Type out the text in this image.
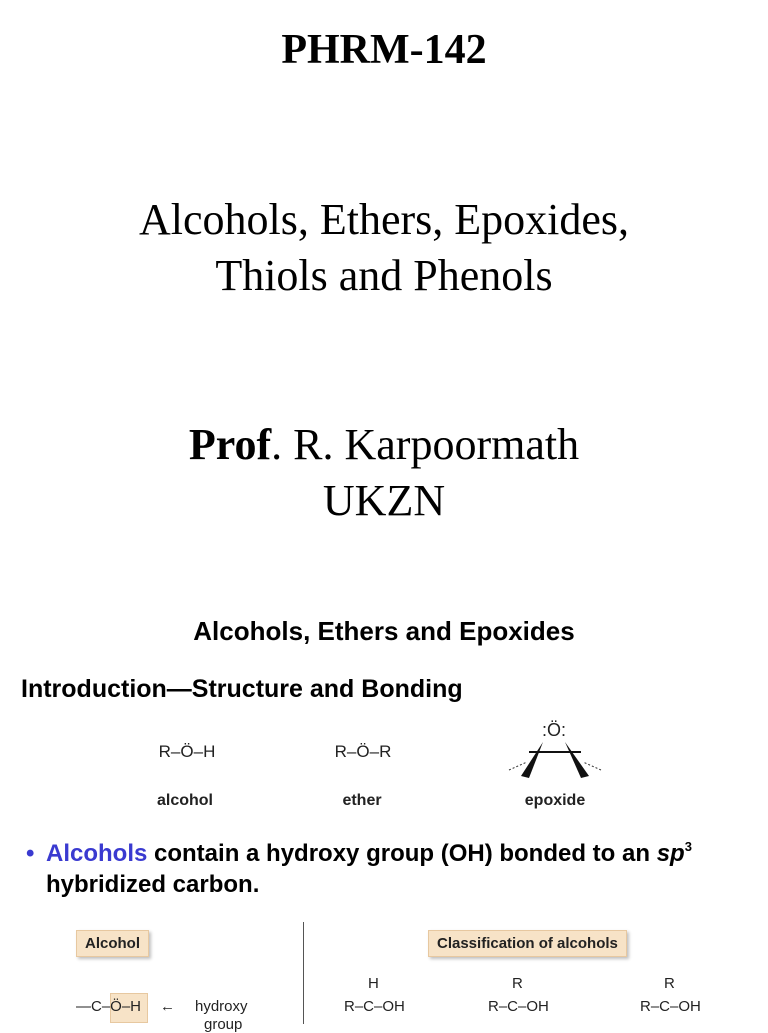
PHRM-142
Alcohols, Ethers, Epoxides,
Thiols and Phenols
Prof. R. Karpoormath
UKZN
Alcohols, Ethers and Epoxides
Introduction—Structure and Bonding
R–Ö–H
alcohol
R–Ö–R
ether
:Ö:
epoxide
• Alcohols contain a hydroxy group (OH) bonded to an $sp^3$
hybridized carbon.
Alcohol	Classification of alcohols
—C–Ö–H	← hydroxy
group
H
R–C–OH
R
R–C–OH
R
R–C–OH
